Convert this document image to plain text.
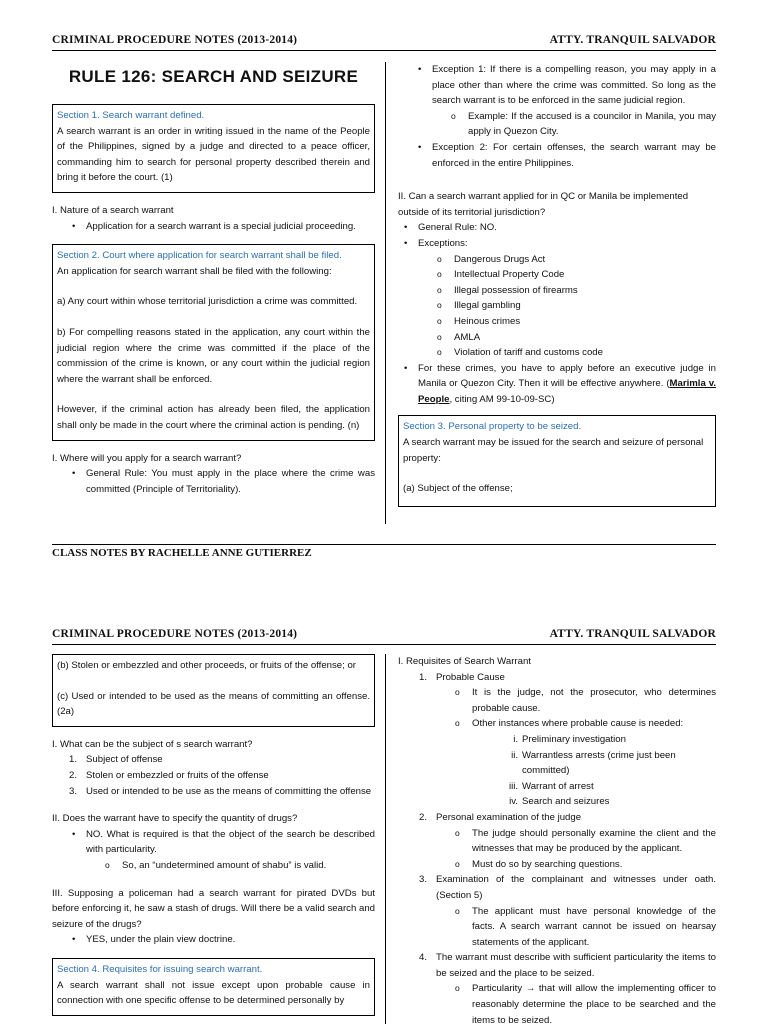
CRIMINAL PROCEDURE NOTES (2013-2014)	ATTY. TRANQUIL SALVADOR
RULE 126: SEARCH AND SEIZURE

Section 1. Search warrant defined.

A search warrant is an order in writing issued in the name of the People of the Philippines, signed by a judge and directed to a peace officer, commanding him to search for personal property described therein and bring it before the court. (1)

I. Nature of a search warrant

• Application for a search warrant is a special judicial proceeding.

Section 2. Court where application for search warrant shall be filed.

An application for search warrant shall be filed with the following:

a) Any court within whose territorial jurisdiction a crime was committed.

b) For compelling reasons stated in the application, any court within the judicial region where the crime was committed if the place of the commission of the crime is known, or any court within the judicial region where the warrant shall be enforced.

However, if the criminal action has already been filed, the application shall only be made in the court where the criminal action is pending. (n)

I. Where will you apply for a search warrant?

• General Rule: You must apply in the place where the crime was committed (Principle of Territoriality).
• Exception 1: If there is a compelling reason, you may apply in a place other than where the crime was committed. So long as the search warrant is to be enforced in the same judicial region.
o Example: If the accused is a councilor in Manila, you may apply in Quezon City.
• Exception 2: For certain offenses, the search warrant may be enforced in the entire Philippines.

II. Can a search warrant applied for in QC or Manila be implemented outside of its territorial jurisdiction?

• General Rule: NO.
• Exceptions:
o Dangerous Drugs Act
o Intellectual Property Code
o Illegal possession of firearms
o Illegal gambling
o Heinous crimes
o AMLA
o Violation of tariff and customs code
• For these crimes, you have to apply before an executive judge in Manila or Quezon City. Then it will be effective anywhere. (Marimla v. People, citing AM 99-10-09-SC)

Section 3. Personal property to be seized.

A search warrant may be issued for the search and seizure of personal property:

(a) Subject of the offense;

CLASS NOTES BY RACHELLE ANNE GUTIERREZ
CRIMINAL PROCEDURE NOTES (2013-2014)	ATTY. TRANQUIL SALVADOR

(b) Stolen or embezzled and other proceeds, or fruits of the offense; or

(c) Used or intended to be used as the means of committing an offense. (2a)

I. What can be the subject of s search warrant?

1. Subject of offense
2. Stolen or embezzled or fruits of the offense
3. Used or intended to be use as the means of committing the offense

II. Does the warrant have to specify the quantity of drugs?

• NO. What is required is that the object of the search be described with particularity.
o So, an “undetermined amount of shabu” is valid.

III. Supposing a policeman had a search warrant for pirated DVDs but before enforcing it, he saw a stash of drugs. Will there be a valid search and seizure of the drugs?

• YES, under the plain view doctrine.

Section 4. Requisites for issuing search warrant.

A search warrant shall not issue except upon probable cause in connection with one specific offense to be determined personally by

I. Requisites of Search Warrant

1. Probable Cause
o It is the judge, not the prosecutor, who determines probable cause.
o Other instances where probable cause is needed:
i. Preliminary investigation
ii. Warrantless arrests (crime just been committed)
iii. Warrant of arrest
iv. Search and seizures
2. Personal examination of the judge
o The judge should personally examine the client and the witnesses that may be produced by the applicant.
o Must do so by searching questions.
3. Examination of the complainant and witnesses under oath. (Section 5)
o The applicant must have personal knowledge of the facts. A search warrant cannot be issued on hearsay statements of the applicant.
4. The warrant must describe with sufficient particularity the items to be seized and the place to be seized.
o Particularity → that will allow the implementing officer to reasonably determine the place to be searched and the items to be seized.
